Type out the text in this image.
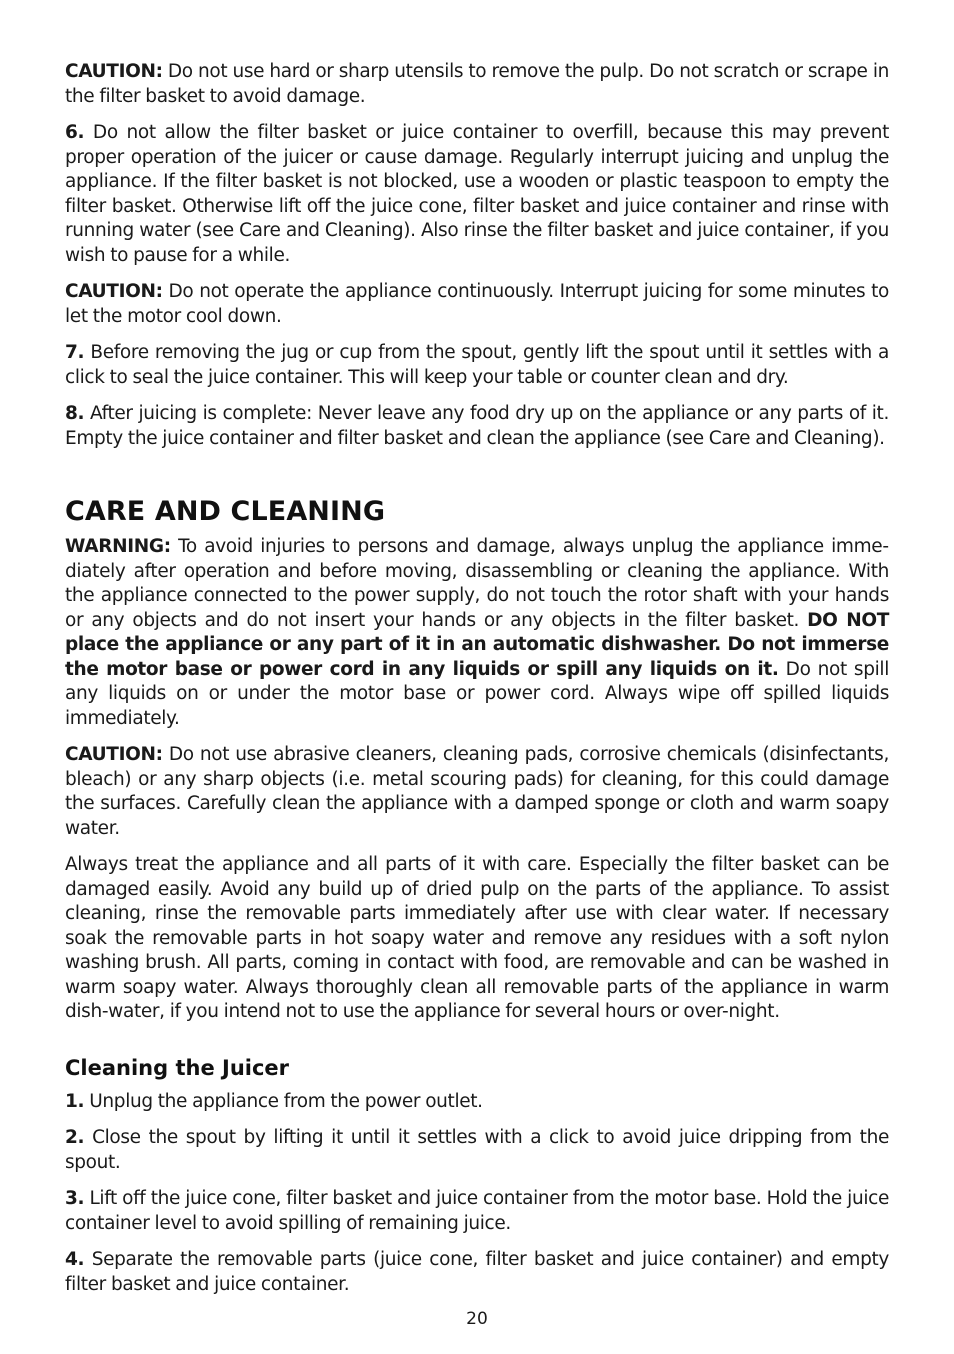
CAUTION: Do not use hard or sharp utensils to remove the pulp. Do not scratch or scrape in the filter basket to avoid damage.

6. Do not allow the filter basket or juice container to overfill, because this may prevent proper operation of the juicer or cause damage. Regularly interrupt juicing and unplug the appliance. If the filter basket is not blocked, use a wooden or plastic teaspoon to empty the filter basket. Otherwise lift off the juice cone, filter basket and juice container and rinse with running water (see Care and Cleaning). Also rinse the filter basket and juice container, if you wish to pause for a while.

CAUTION: Do not operate the appliance continuously. Interrupt juicing for some minutes to let the motor cool down.

7. Before removing the jug or cup from the spout, gently lift the spout until it settles with a click to seal the juice container. This will keep your table or counter clean and dry.

8. After juicing is complete: Never leave any food dry up on the appliance or any parts of it. Empty the juice container and filter basket and clean the appliance (see Care and Cleaning).

CARE AND CLEANING

WARNING: To avoid injuries to persons and damage, always unplug the appliance immediately after operation and before moving, disassembling or cleaning the appliance. With the appliance connected to the power supply, do not touch the rotor shaft with your hands or any objects and do not insert your hands or any objects in the filter basket. DO NOT place the appliance or any part of it in an automatic dishwasher. Do not immerse the motor base or power cord in any liquids or spill any liquids on it. Do not spill any liquids on or under the motor base or power cord. Always wipe off spilled liquids immediately.

CAUTION: Do not use abrasive cleaners, cleaning pads, corrosive chemicals (disinfectants, bleach) or any sharp objects (i.e. metal scouring pads) for cleaning, for this could damage the surfaces. Carefully clean the appliance with a damped sponge or cloth and warm soapy water.

Always treat the appliance and all parts of it with care. Especially the filter basket can be damaged easily. Avoid any build up of dried pulp on the parts of the appliance. To assist cleaning, rinse the removable parts immediately after use with clear water. If necessary soak the removable parts in hot soapy water and remove any residues with a soft nylon washing brush. All parts, coming in contact with food, are removable and can be washed in warm soapy water. Always thoroughly clean all removable parts of the appliance in warm dish-water, if you intend not to use the appliance for several hours or over-night.

Cleaning the Juicer

1. Unplug the appliance from the power outlet.

2. Close the spout by lifting it until it settles with a click to avoid juice dripping from the spout.

3. Lift off the juice cone, filter basket and juice container from the motor base. Hold the juice container level to avoid spilling of remaining juice.

4. Separate the removable parts (juice cone, filter basket and juice container) and empty filter basket and juice container.

20
